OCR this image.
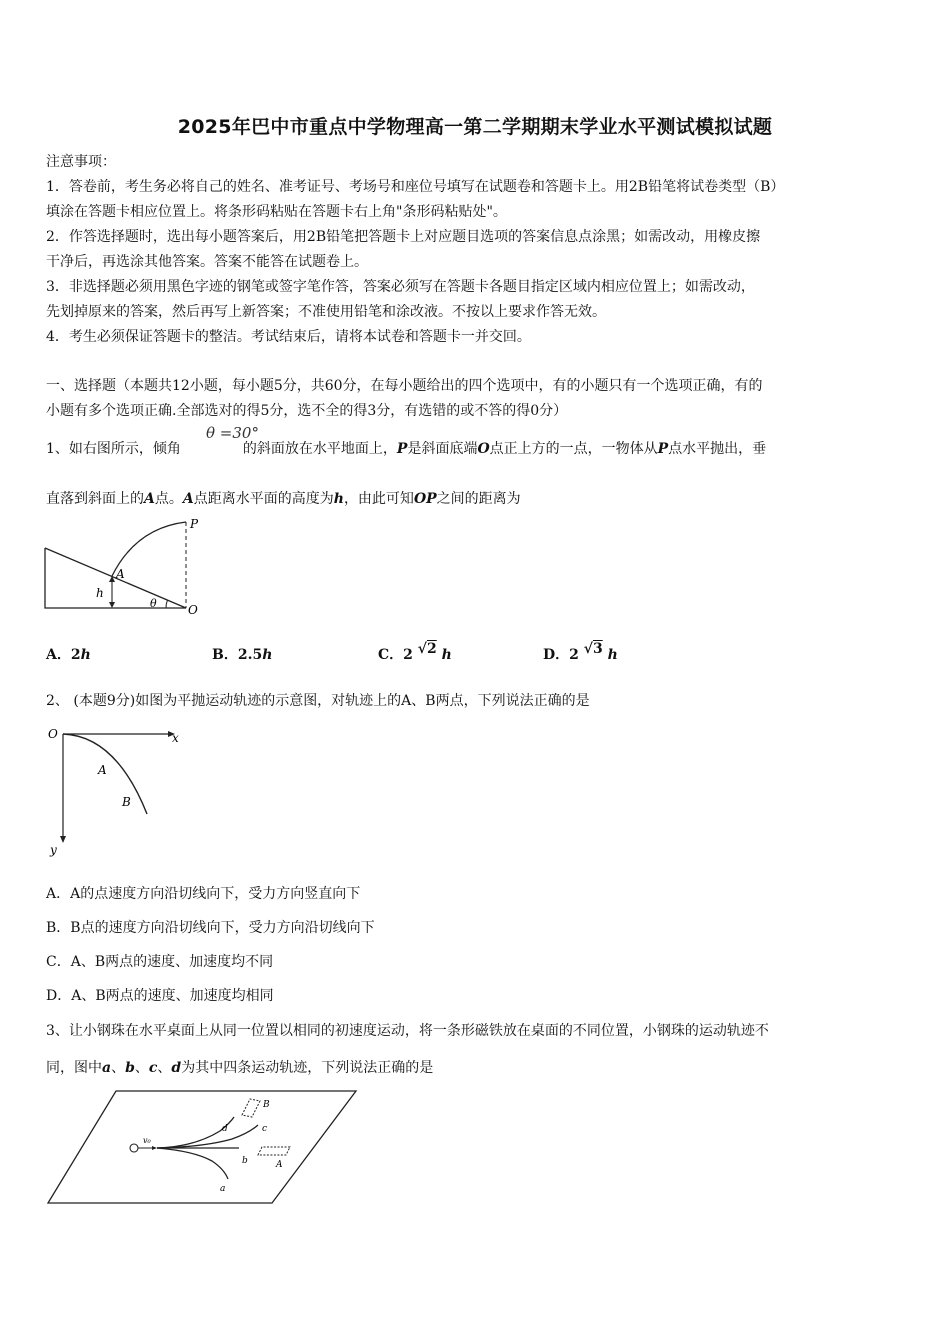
2025年巴中市重点中学物理高一第二学期期末学业水平测试模拟试题
注意事项：
1．答卷前，考生务必将自己的姓名、准考证号、考场号和座位号填写在试题卷和答题卡上。用2B铅笔将试卷类型（B）
填涂在答题卡相应位置上。将条形码粘贴在答题卡右上角"条形码粘贴处"。
2．作答选择题时，选出每小题答案后，用2B铅笔把答题卡上对应题目选项的答案信息点涂黑；如需改动，用橡皮擦
干净后，再选涂其他答案。答案不能答在试题卷上。
3．非选择题必须用黑色字迹的钢笔或签字笔作答，答案必须写在答题卡各题目指定区域内相应位置上；如需改动，
先划掉原来的答案，然后再写上新答案；不准使用铅笔和涂改液。不按以上要求作答无效。
4．考生必须保证答题卡的整洁。考试结束后，请将本试卷和答题卡一并交回。
一、选择题（本题共12小题，每小题5分，共60分，在每小题给出的四个选项中，有的小题只有一个选项正确，有的
小题有多个选项正确.全部选对的得5分，选不全的得3分，有选错的或不答的得0分）
1、如右图所示，倾角	的斜面放在水平地面上，P是斜面底端O点正上方的一点，一物体从P点水平抛出，垂
θ =30°
直落到斜面上的A点。A点距离水平面的高度为h，由此可知OP之间的距离为
P
A
h
θ	O
A．2h	B．2.5h	C．2 √2 h	D．2 √3 h
2、 (本题9分)如图为平抛运动轨迹的示意图，对轨迹上的A、B两点，下列说法正确的是
O	x
A
B
y
A．A的点速度方向沿切线向下，受力方向竖直向下
B．B点的速度方向沿切线向下，受力方向沿切线向下
C．A、B两点的速度、加速度均不同
D．A、B两点的速度、加速度均相同
3、让小钢珠在水平桌面上从同一位置以相同的初速度运动，将一条形磁铁放在桌面的不同位置，小钢珠的运动轨迹不
同，图中a、b、c、d为其中四条运动轨迹，下列说法正确的是
v₀
d	c
b
a
B
A
